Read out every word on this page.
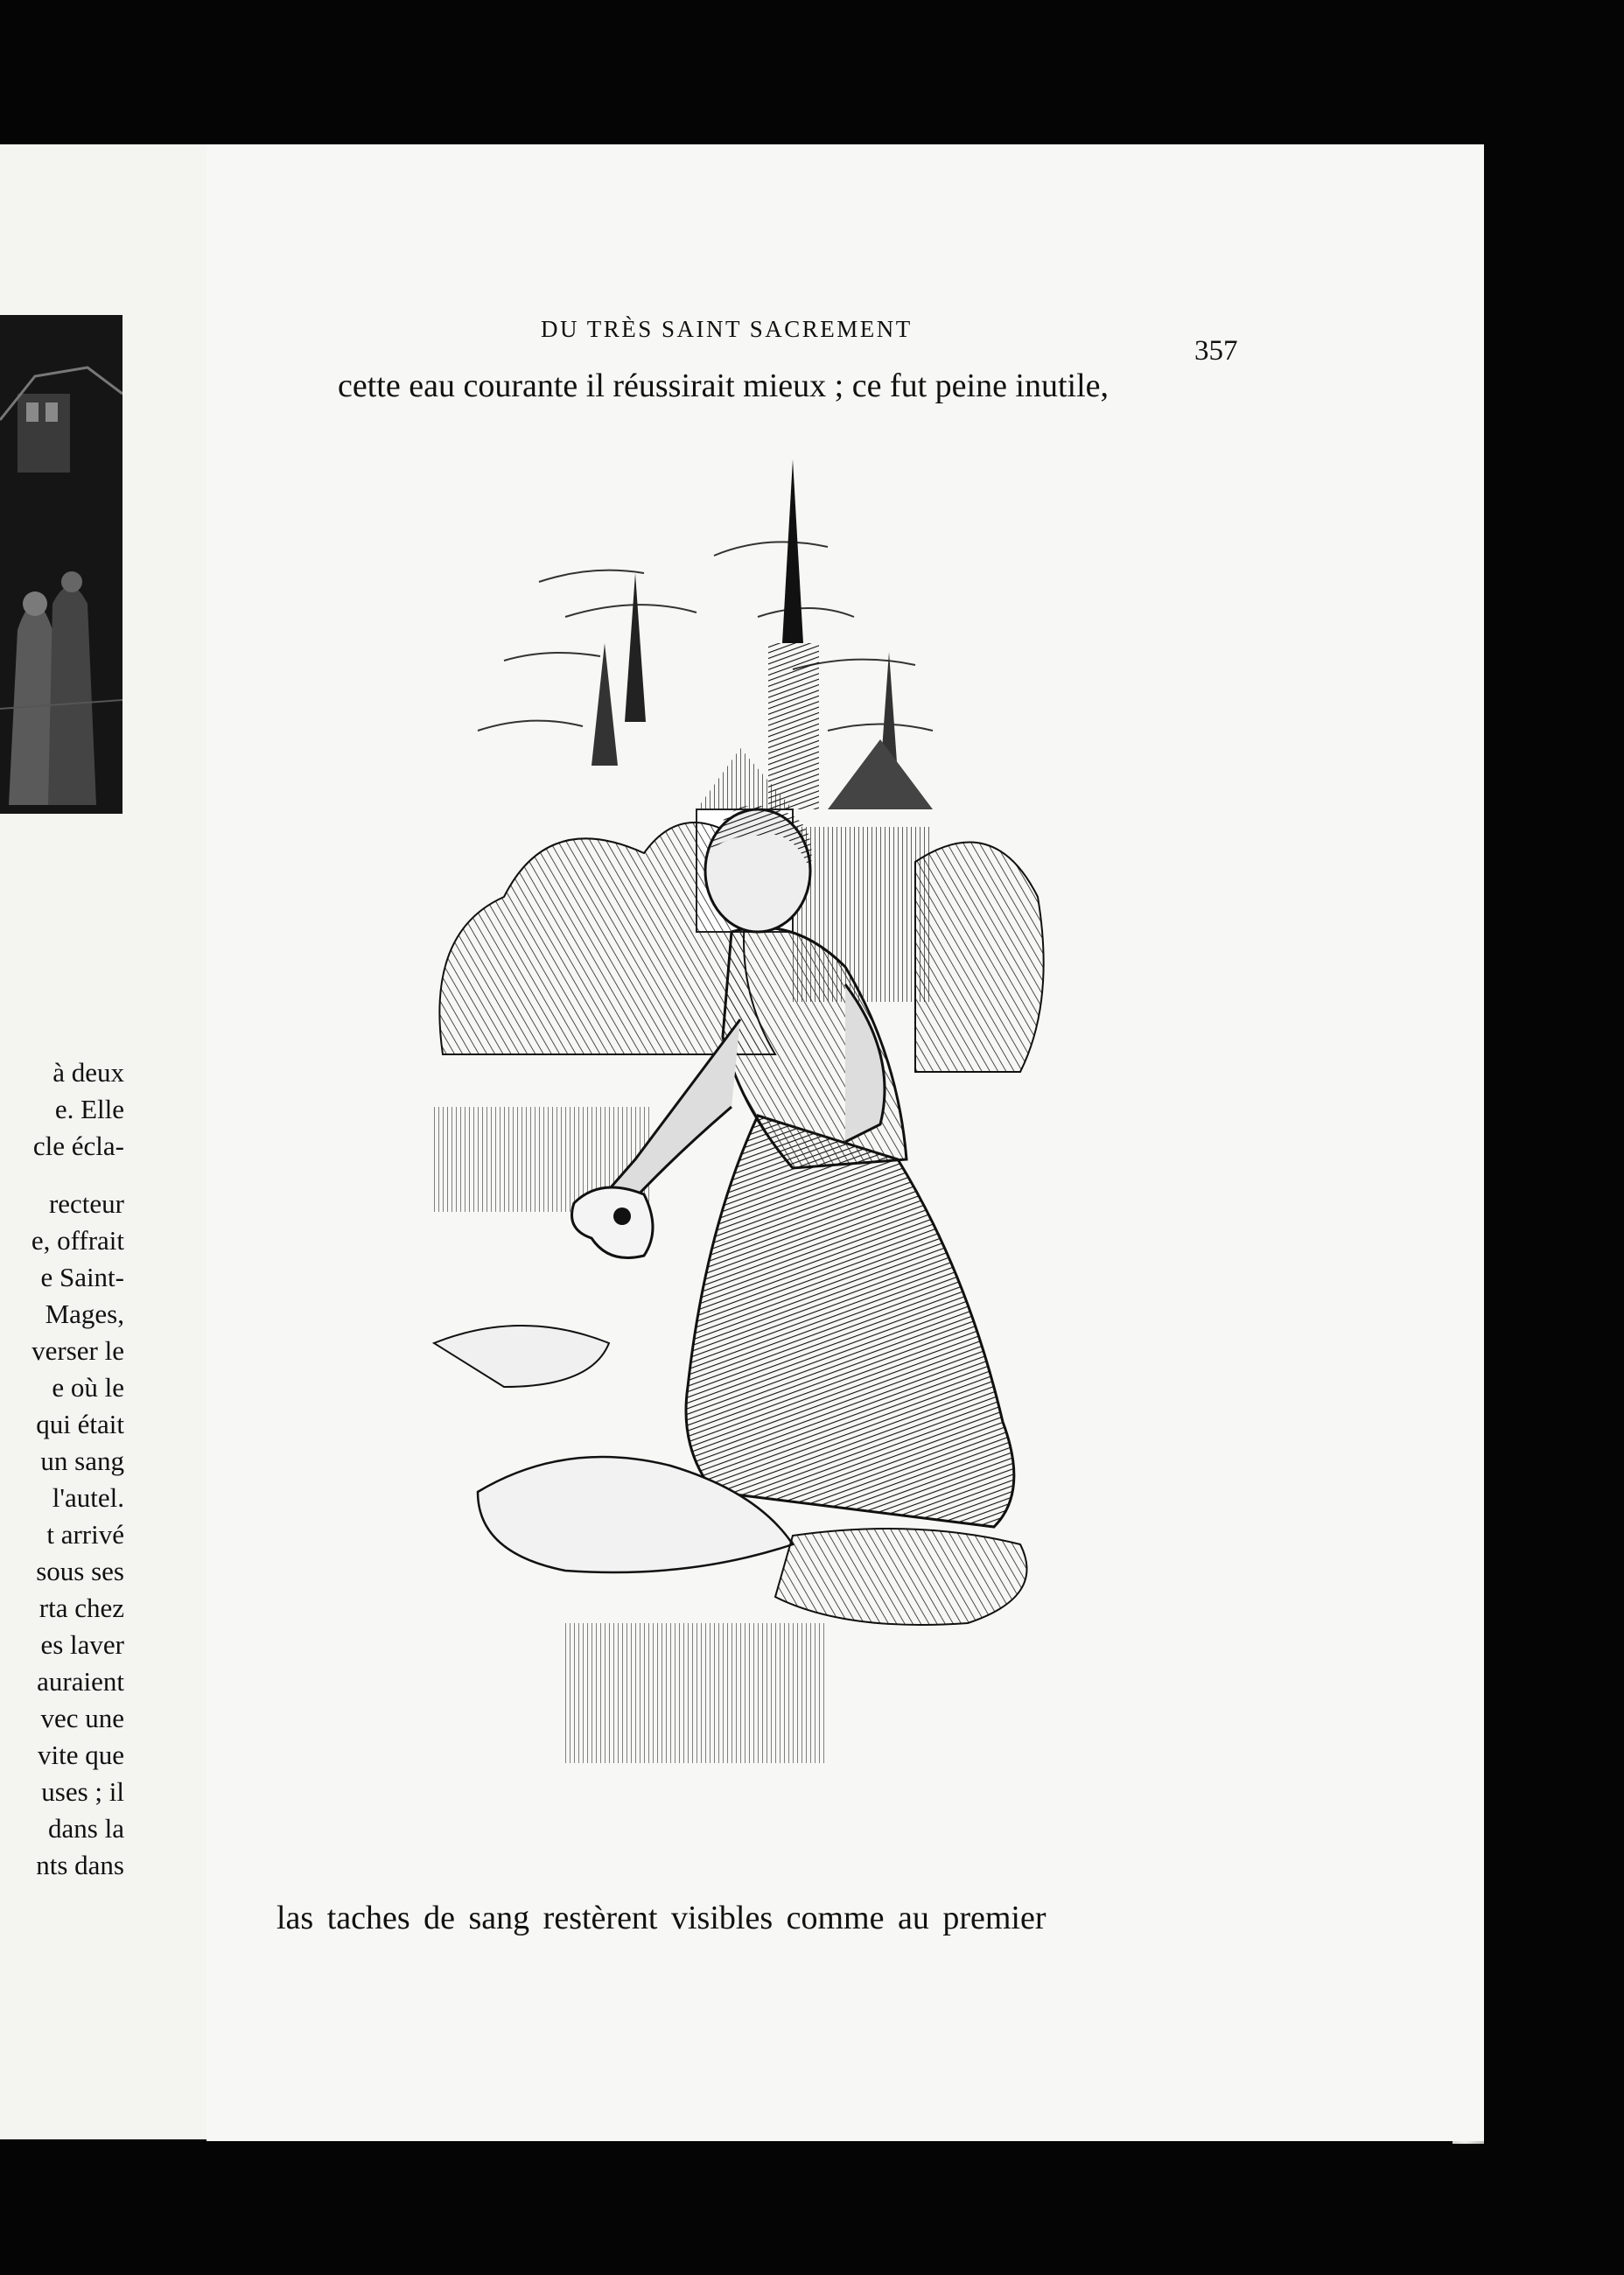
à deux
e. Elle
cle écla-
recteur
e, offrait
e Saint-
Mages,
verser le
e où le
qui était
un sang
l'autel.
t arrivé
sous ses
rta chez
es laver
auraient
vec une
vite que
uses ; il
dans la
nts dans
DU TRÈS SAINT SACREMENT
357
cette eau courante il réussirait mieux ; ce fut peine inutile,
las taches de sang restèrent visibles comme au premier
